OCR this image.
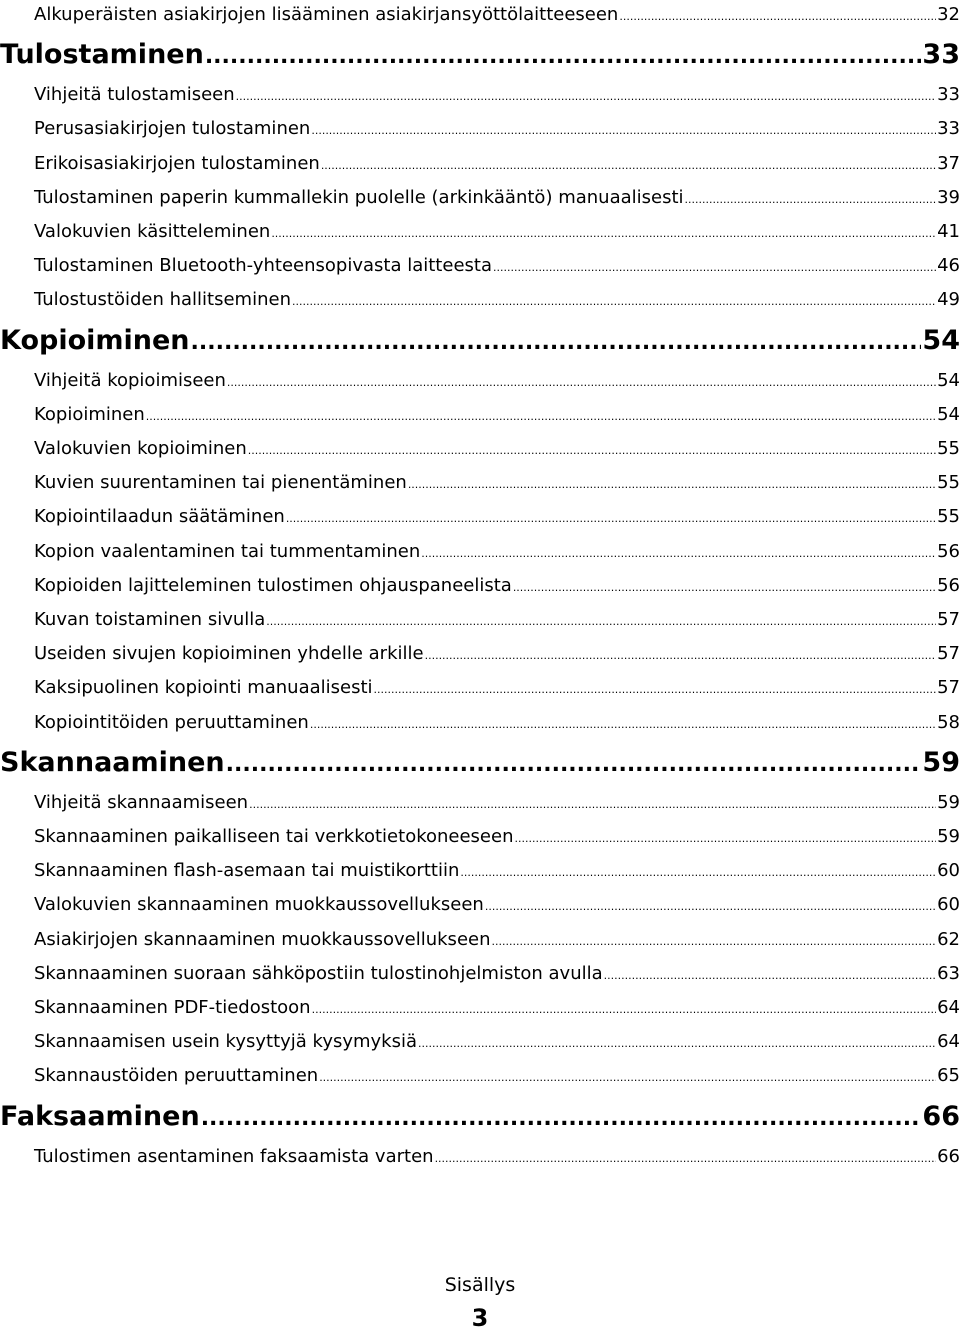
Alkuperäisten asiakirjojen lisääminen asiakirjansyöttölaitteeseen .....	32
Tulostaminen .....	33
Vihjeitä tulostamiseen .....	33
Perusasiakirjojen tulostaminen .....	33
Erikoisasiakirjojen tulostaminen .....	37
Tulostaminen paperin kummallekin puolelle (arkinkääntö) manuaalisesti .....	39
Valokuvien käsitteleminen .....	41
Tulostaminen Bluetooth-yhteensopivasta laitteesta .....	46
Tulostustöiden hallitseminen .....	49
Kopioiminen .....	54
Vihjeitä kopioimiseen .....	54
Kopioiminen .....	54
Valokuvien kopioiminen .....	55
Kuvien suurentaminen tai pienentäminen .....	55
Kopiointilaadun säätäminen .....	55
Kopion vaalentaminen tai tummentaminen .....	56
Kopioiden lajitteleminen tulostimen ohjauspaneelista .....	56
Kuvan toistaminen sivulla .....	57
Useiden sivujen kopioiminen yhdelle arkille .....	57
Kaksipuolinen kopiointi manuaalisesti .....	57
Kopiointitöiden peruuttaminen .....	58
Skannaaminen .....	59
Vihjeitä skannaamiseen .....	59
Skannaaminen paikalliseen tai verkkotietokoneeseen .....	59
Skannaaminen flash-asemaan tai muistikorttiin .....	60
Valokuvien skannaaminen muokkaussovellukseen .....	60
Asiakirjojen skannaaminen muokkaussovellukseen .....	62
Skannaaminen suoraan sähköpostiin tulostinohjelmiston avulla .....	63
Skannaaminen PDF-tiedostoon .....	64
Skannaamisen usein kysyttyjä kysymyksiä .....	64
Skannaustöiden peruuttaminen .....	65
Faksaaminen .....	66
Tulostimen asentaminen faksaamista varten .....	66
Sisällys
3
